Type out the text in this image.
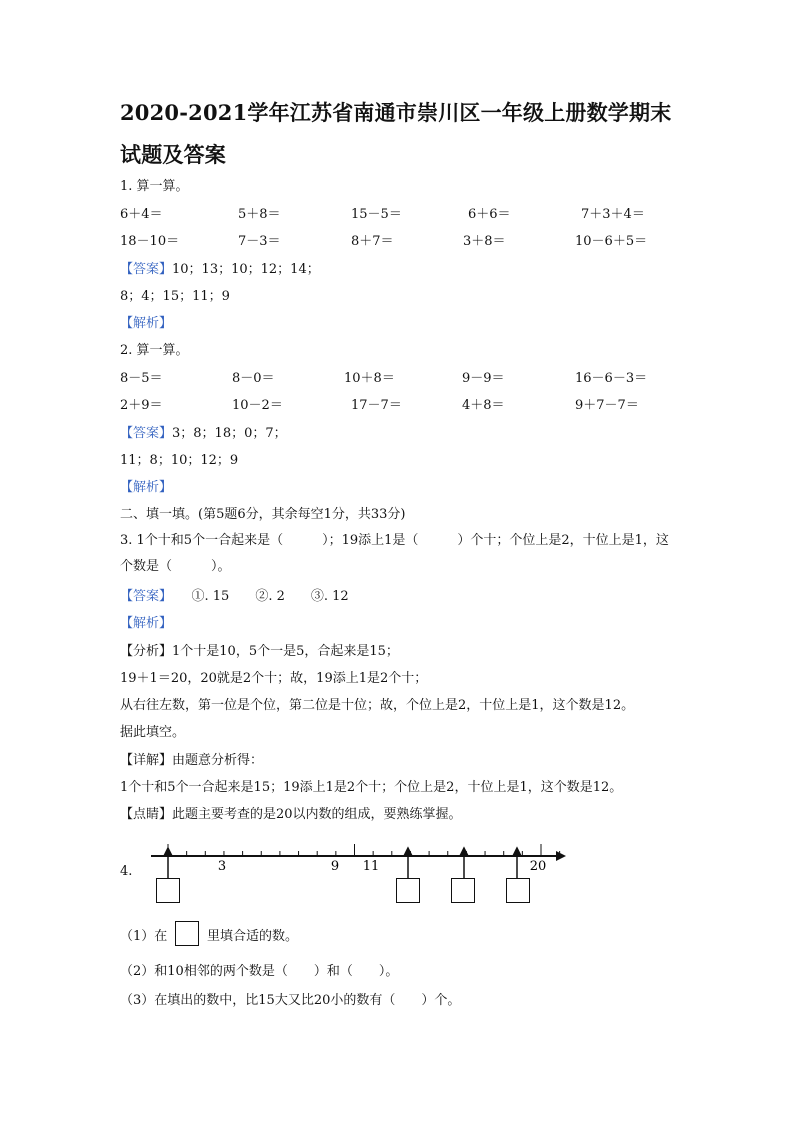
2020-2021学年江苏省南通市崇川区一年级上册数学期末试题及答案
1. 算一算。
6＋4＝	5＋8＝	15－5＝	6＋6＝	7＋3＋4＝
18－10＝	7－3＝	8＋7＝	3＋8＝	10－6＋5＝
【答案】10；13；10；12；14；
8；4；15；11；9
【解析】
2. 算一算。
8－5＝	8－0＝	10＋8＝	9－9＝	16－6－3＝
2＋9＝	10－2＝	17－7＝	4＋8＝	9＋7－7＝
【答案】3；8；18；0；7；
11；8；10；12；9
【解析】
二、填一填。(第5题6分，其余每空1分，共33分)
3. 1个十和5个一合起来是（　　　）；19添上1是（　　　）个十；个位上是2，十位上是1，这个数是（　　　）。
【答案】　　①. 15　　②. 2　　③. 12
【解析】
【分析】1个十是10，5个一是5，合起来是15；
19＋1＝20，20就是2个十；故，19添上1是2个十；
从右往左数，第一位是个位，第二位是十位；故，个位上是2，十位上是1，这个数是12。
据此填空。
【详解】由题意分析得：
1个十和5个一合起来是15；19添上1是2个十；个位上是2，十位上是1，这个数是12。
【点睛】此题主要考查的是20以内数的组成，要熟练掌握。
4.	3	9 11	20
（1）在	里填合适的数。
（2）和10相邻的两个数是（　　）和（　　）。
（3）在填出的数中，比15大又比20小的数有（　　）个。
